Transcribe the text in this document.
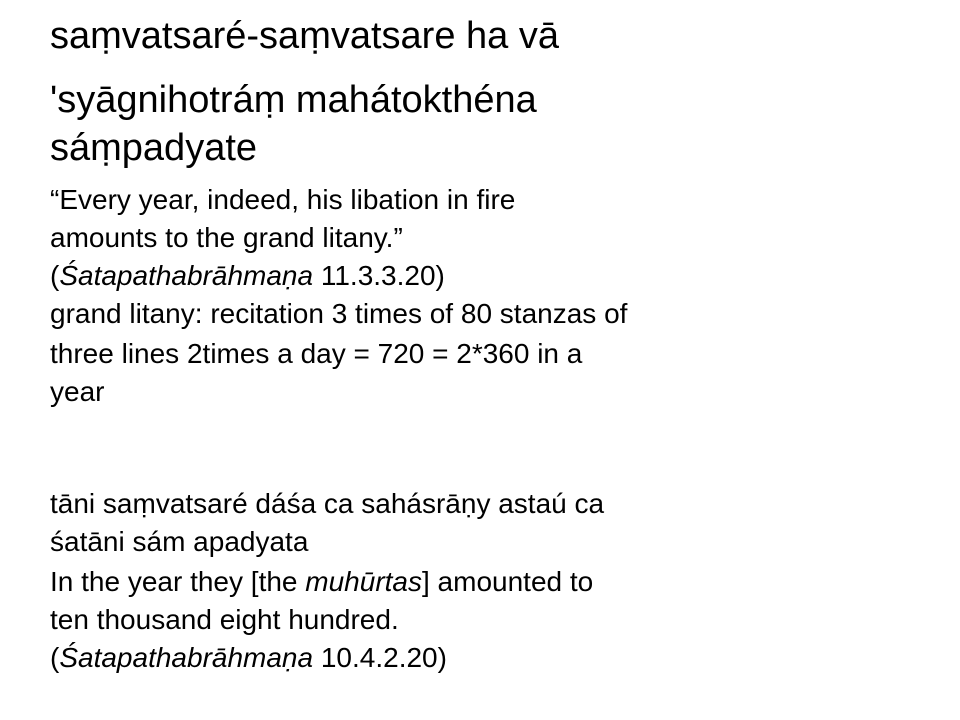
saṃvatsaré-saṃvatsare ha vā
'syāgnihotráṃ mahátokthéna
sáṃpadyate
“Every year, indeed, his libation in fire
amounts to the grand litany.”
(Śatapathabrāhmaṇa 11.3.3.20)
grand litany: recitation 3 times of 80 stanzas of
three lines 2times a day = 720 = 2*360 in a
year
tāni saṃvatsaré dáśa ca sahásrāṇy astaú ca
śatāni sám apadyata
In the year they [the muhūrtas] amounted to
ten thousand eight hundred.
(Śatapathabrāhmaṇa 10.4.2.20)
